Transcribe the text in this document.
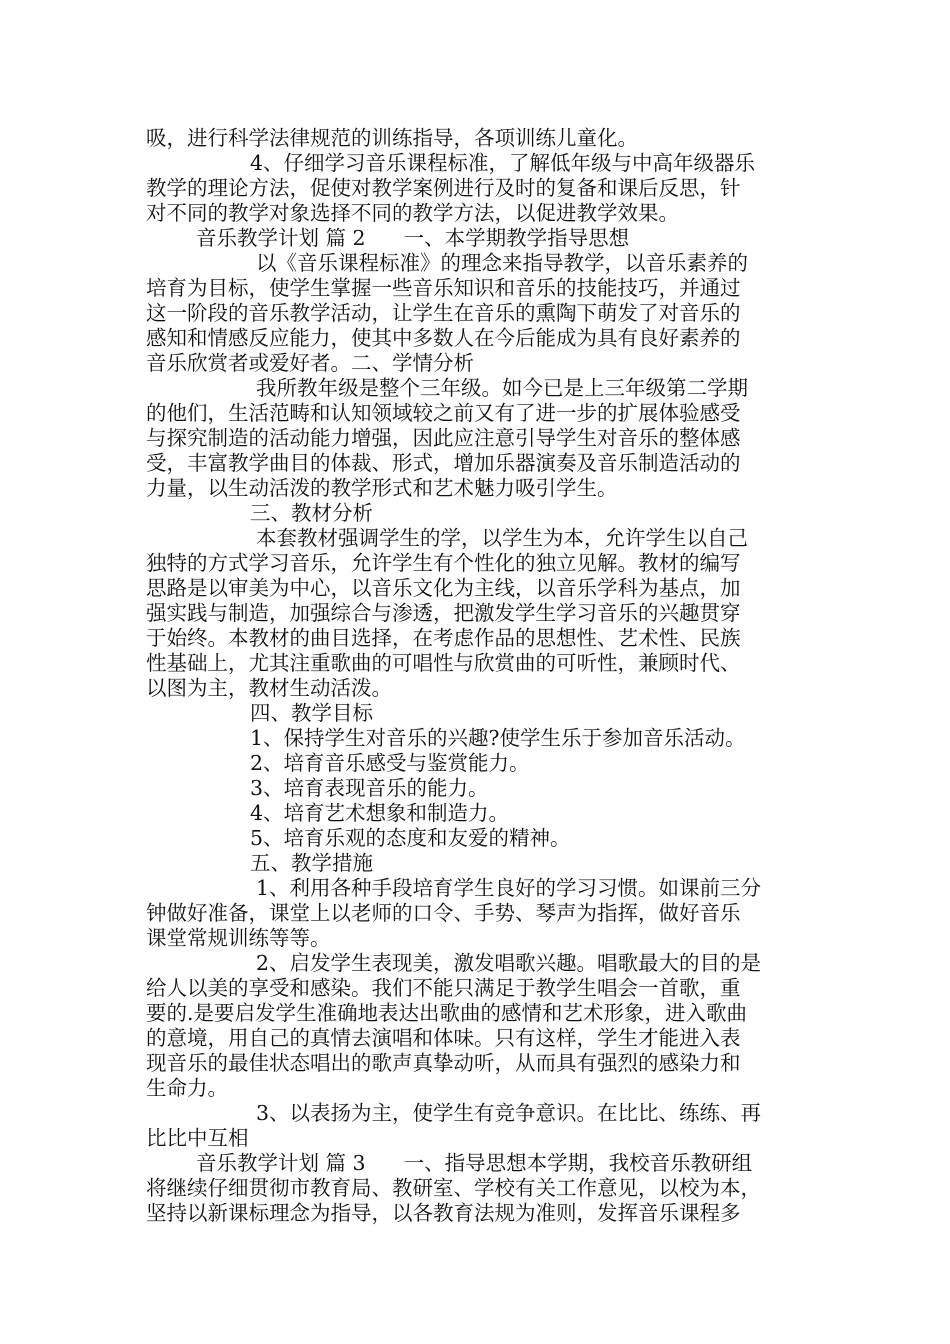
吸，进行科学法律规范的训练指导，各项训练儿童化。
4、仔细学习音乐课程标准，了解低年级与中高年级器乐
教学的理论方法，促使对教学案例进行及时的复备和课后反思，针
对不同的教学对象选择不同的教学方法，以促进教学效果。
音乐教学计划 篇 2 一、本学期教学指导思想
以《音乐课程标准》的理念来指导教学，以音乐素养的
培育为目标，使学生掌握一些音乐知识和音乐的技能技巧，并通过
这一阶段的音乐教学活动，让学生在音乐的熏陶下萌发了对音乐的
感知和情感反应能力，使其中多数人在今后能成为具有良好素养的
音乐欣赏者或爱好者。二、学情分析
我所教年级是整个三年级。如今已是上三年级第二学期
的他们，生活范畴和认知领域较之前又有了进一步的扩展体验感受
与探究制造的活动能力增强，因此应注意引导学生对音乐的整体感
受，丰富教学曲目的体裁、形式，增加乐器演奏及音乐制造活动的
力量，以生动活泼的教学形式和艺术魅力吸引学生。
三、教材分析
本套教材强调学生的学，以学生为本，允许学生以自己
独特的方式学习音乐，允许学生有个性化的独立见解。教材的编写
思路是以审美为中心，以音乐文化为主线，以音乐学科为基点，加
强实践与制造，加强综合与渗透，把激发学生学习音乐的兴趣贯穿
于始终。本教材的曲目选择，在考虑作品的思想性、艺术性、民族
性基础上，尤其注重歌曲的可唱性与欣赏曲的可听性，兼顾时代、
以图为主，教材生动活泼。
四、教学目标
1、保持学生对音乐的兴趣?使学生乐于参加音乐活动。
2、培育音乐感受与鉴赏能力。
3、培育表现音乐的能力。
4、培育艺术想象和制造力。
5、培育乐观的态度和友爱的精神。
五、教学措施
1、利用各种手段培育学生良好的学习习惯。如课前三分
钟做好准备，课堂上以老师的口令、手势、琴声为指挥，做好音乐
课堂常规训练等等。
2、启发学生表现美，激发唱歌兴趣。唱歌最大的目的是
给人以美的享受和感染。我们不能只满足于教学生唱会一首歌，重
要的.是要启发学生准确地表达出歌曲的感情和艺术形象，进入歌曲
的意境，用自己的真情去演唱和体味。只有这样，学生才能进入表
现音乐的最佳状态唱出的歌声真挚动听，从而具有强烈的感染力和
生命力。
3、以表扬为主，使学生有竞争意识。在比比、练练、再
比比中互相
音乐教学计划 篇 3 一、指导思想本学期，我校音乐教研组
将继续仔细贯彻市教育局、教研室、学校有关工作意见，以校为本，
坚持以新课标理念为指导，以各教育法规为准则，发挥音乐课程多
